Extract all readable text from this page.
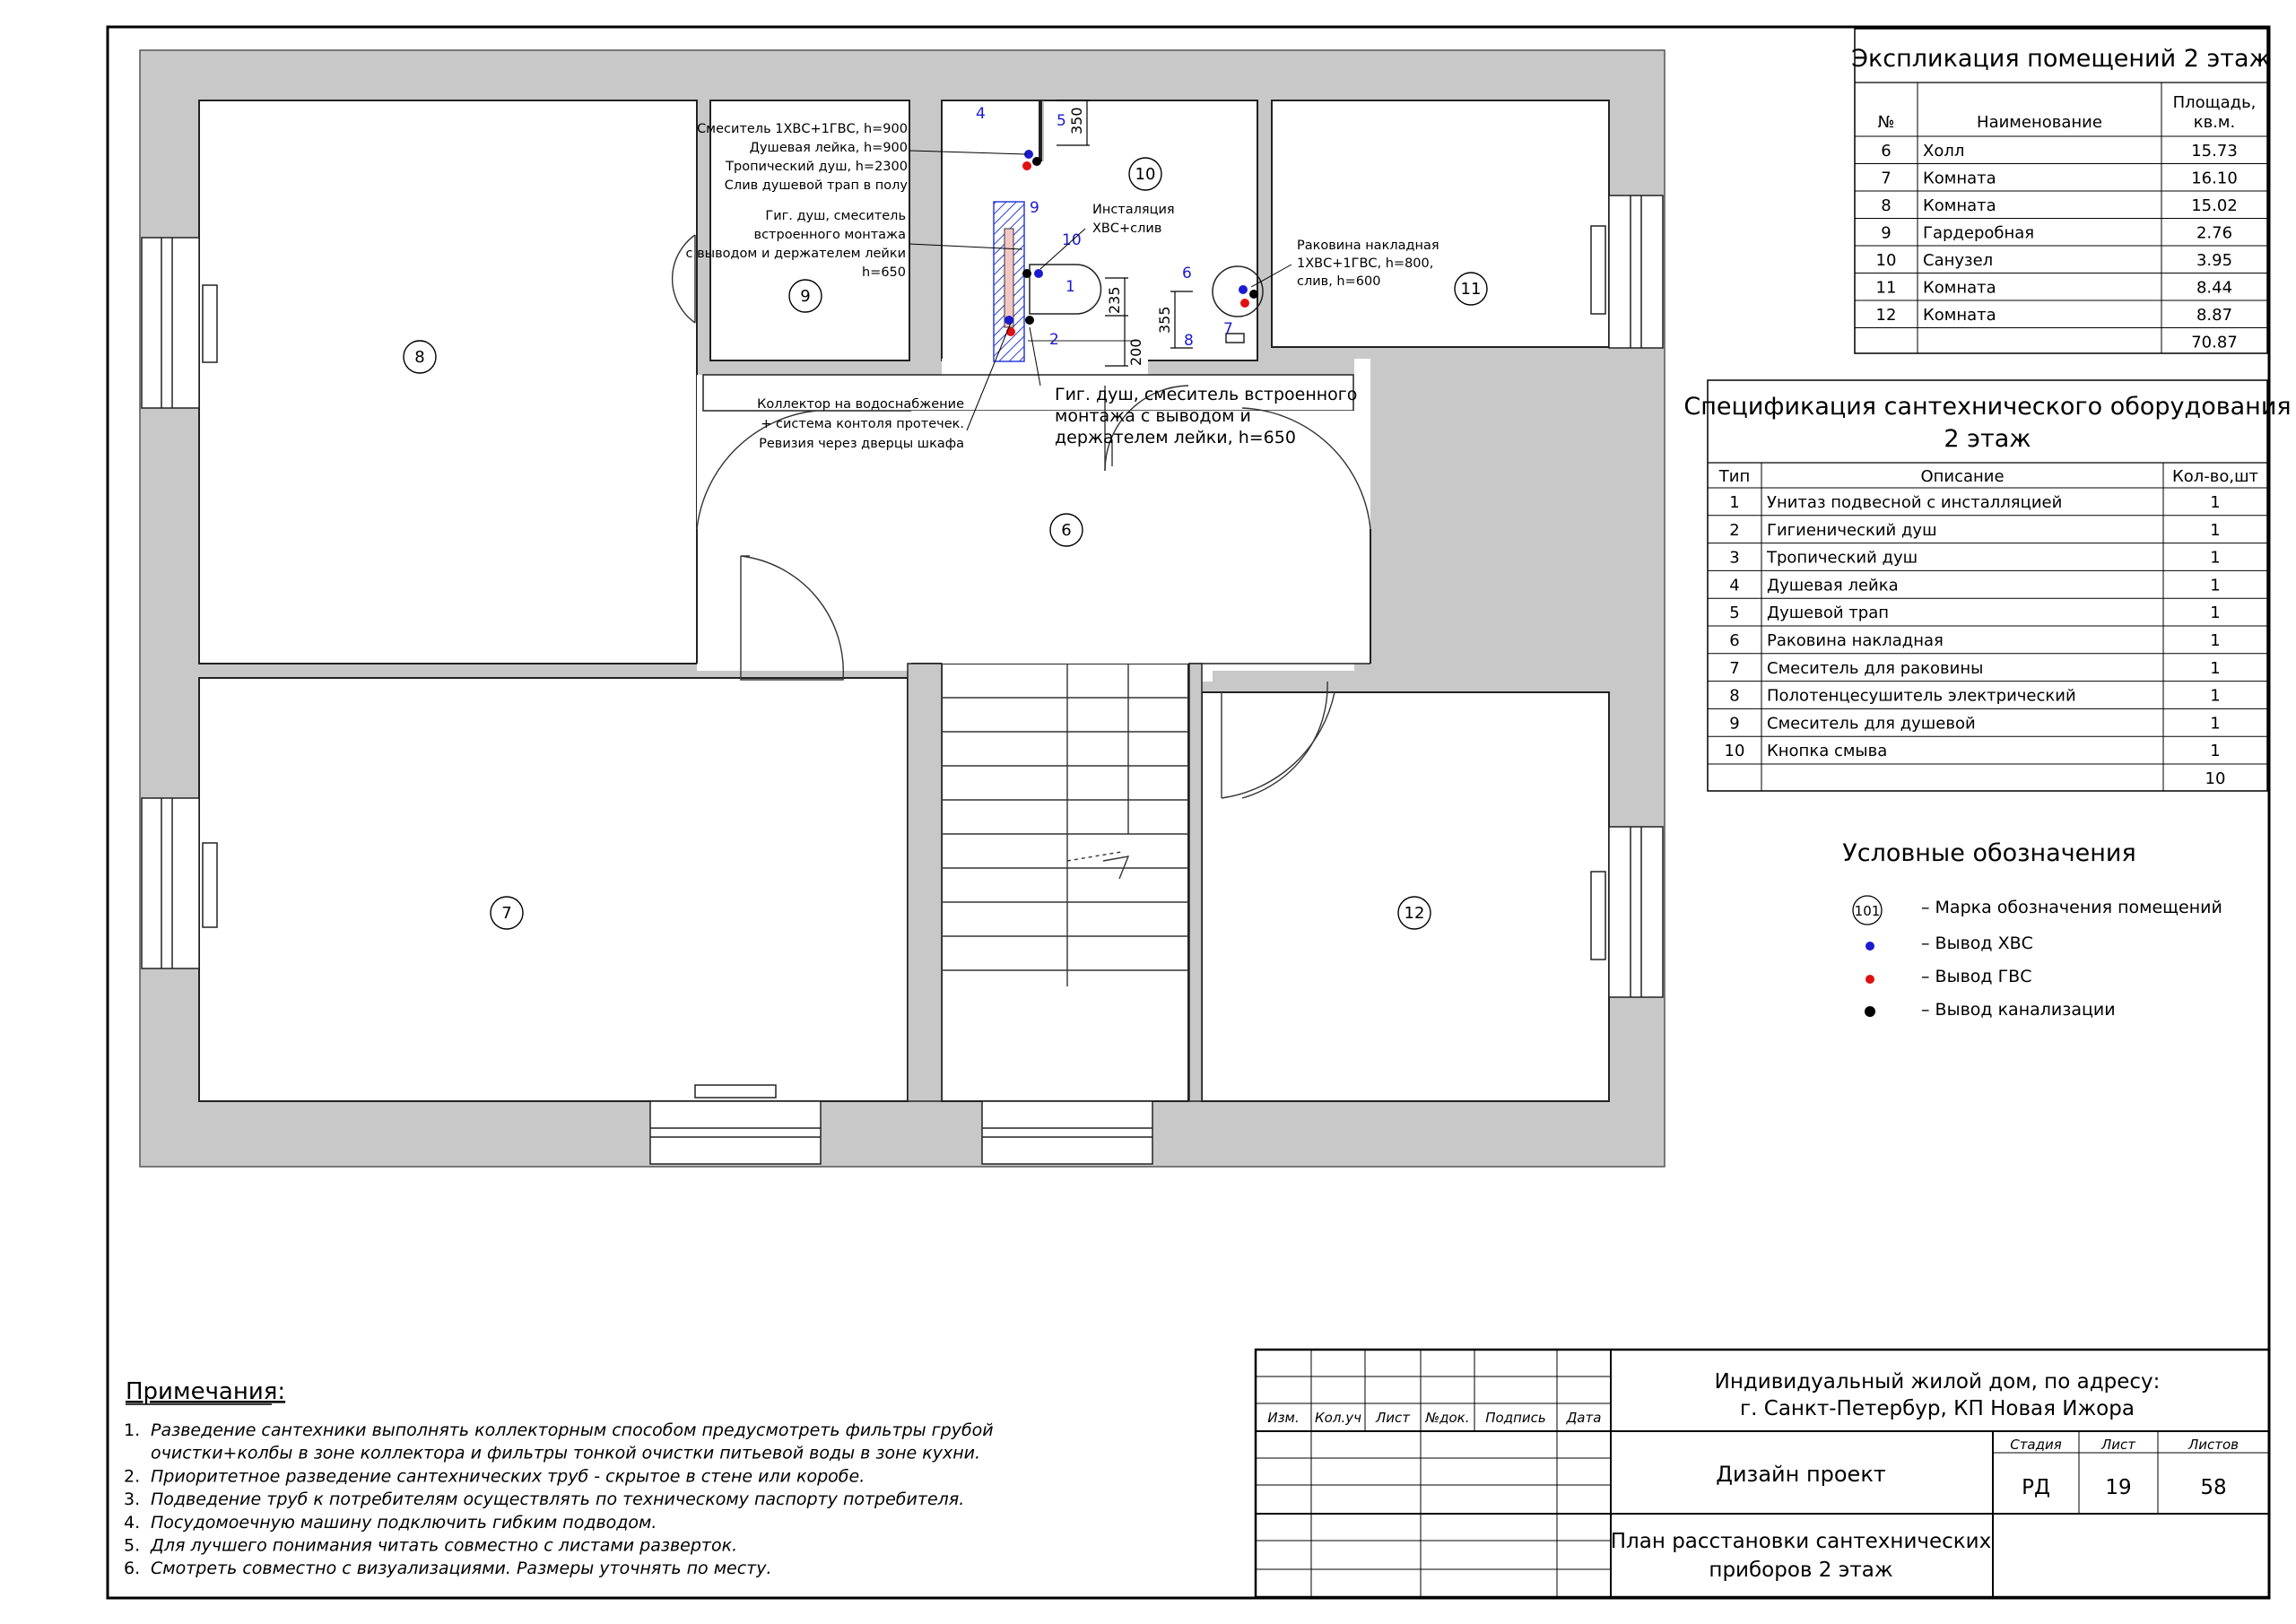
8
9
10
11
6
7	12
1
2
4	5
6
7
8
9
10
350
235
200
355
Смеситель 1ХВС+1ГВС, h=900
Душевая лейка, h=900
Тропический душ, h=2300
Слив душевой трап в полу
Гиг. душ, смеситель
встроенного монтажа
с выводом и держателем лейки
h=650
Инсталяция
ХВС+слив
Раковина накладная
1ХВС+1ГВС, h=800,
слив, h=600
Коллектор на водоснабжение
+ система контоля протечек.
Ревизия через дверцы шкафа
Гиг. душ, смеситель встроенного
монтажа с выводом и
держателем лейки, h=650
Экспликация помещений 2 этаж
№	Наименование
Площадь,
кв.м.
6 Холл	15.73
7 Комната	16.10
8 Комната	15.02
9 Гардеробная	2.76
10 Санузел	3.95
11 Комната	8.44
12 Комната	8.87
70.87
Спецификация сантехнического оборудования
2 этаж
Тип	Описание	Кол-во,шт
1 Унитаз подвесной с инсталляцией	1
2 Гигиенический душ	1
3 Тропический душ	1
4 Душевая лейка	1
5 Душевой трап	1
6 Раковина накладная	1
7 Смеситель для раковины	1
8 Полотенцесушитель электрический	1
9 Смеситель для душевой	1
10 Кнопка смыва	1
10
Условные обозначения
101 – Марка обозначения помещений
– Вывод ХВС
– Вывод ГВС
– Вывод канализации
Примечания:
1. Разведение сантехники выполнять коллекторным способом предусмотреть фильтры грубой
очистки+колбы в зоне коллектора и фильтры тонкой очистки питьевой воды в зоне кухни.
2. Приоритетное разведение сантехнических труб - скрытое в стене или коробе.
3. Подведение труб к потребителям осуществлять по техническому паспорту потребителя.
4. Посудомоечную машину подключить гибким подводом.
5. Для лучшего понимания читать совместно с листами разверток.
6. Смотреть совместно с визуализациями. Размеры уточнять по месту.
Изм. Кол.уч Лист №док. Подпись Дата
Стадия	Лист	Листов
Индивидуальный жилой дом, по адресу:
г. Санкт-Петербур, КП Новая Ижора
Дизайн проект
РД	19	58
План расстановки сантехнических
приборов 2 этаж
